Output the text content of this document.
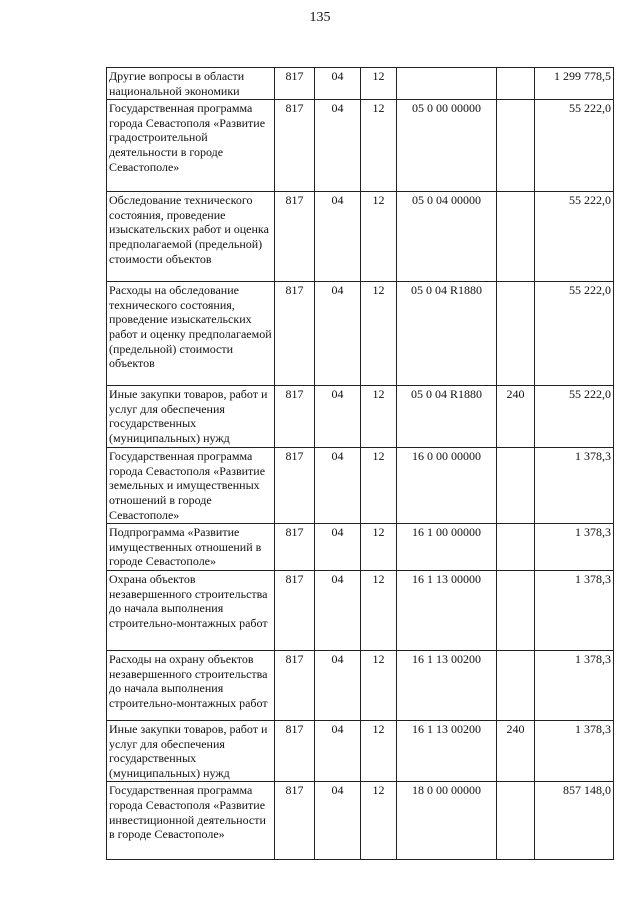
135
Другие вопросы в области национальной экономики	817	04	12			1 299 778,5
Государственная программа города Севастополя «Развитие градостроительной деятельности в городе Севастополе»	817	04	12	05 0 00 00000		55 222,0
Обследование технического состояния, проведение изыскательских работ и оценка предполагаемой (предельной) стоимости объектов	817	04	12	05 0 04 00000		55 222,0
Расходы на обследование технического состояния, проведение изыскательских работ и оценку предполагаемой (предельной) стоимости объектов	817	04	12	05 0 04 R1880		55 222,0
Иные закупки товаров, работ и услуг для обеспечения государственных (муниципальных) нужд	817	04	12	05 0 04 R1880	240	55 222,0
Государственная программа города Севастополя «Развитие земельных и имущественных отношений в городе Севастополе»	817	04	12	16 0 00 00000		1 378,3
Подпрограмма «Развитие имущественных отношений в городе Севастополе»	817	04	12	16 1 00 00000		1 378,3
Охрана объектов незавершенного строительства до начала выполнения строительно-монтажных работ	817	04	12	16 1 13 00000		1 378,3
Расходы на охрану объектов незавершенного строительства до начала выполнения строительно-монтажных работ	817	04	12	16 1 13 00200		1 378,3
Иные закупки товаров, работ и услуг для обеспечения государственных (муниципальных) нужд	817	04	12	16 1 13 00200	240	1 378,3
Государственная программа города Севастополя «Развитие инвестиционной деятельности в городе Севастополе»	817	04	12	18 0 00 00000		857 148,0
